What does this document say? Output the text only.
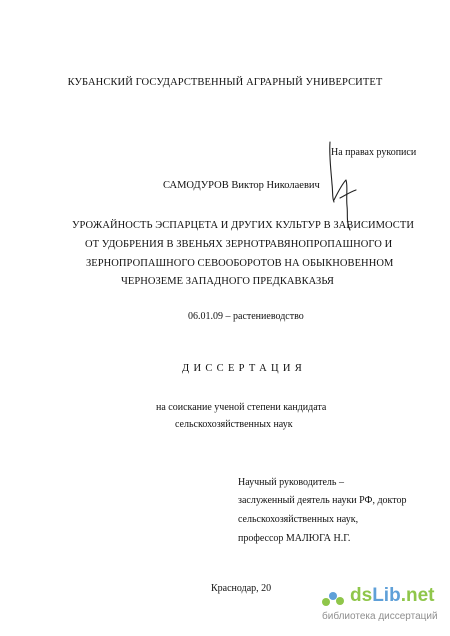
КУБАНСКИЙ ГОСУДАРСТВЕННЫЙ АГРАРНЫЙ УНИВЕРСИТЕТ
На правах рукописи
САМОДУРОВ Виктор Николаевич
УРОЖАЙНОСТЬ ЭСПАРЦЕТА И ДРУГИХ КУЛЬТУР В ЗАВИСИМОСТИ
ОТ УДОБРЕНИЯ В ЗВЕНЬЯХ ЗЕРНОТРАВЯНОПРОПАШНОГО И
ЗЕРНОПРОПАШНОГО СЕВООБОРОТОВ НА ОБЫКНОВЕННОМ
ЧЕРНОЗЕМЕ ЗАПАДНОГО ПРЕДКАВКАЗЬЯ
06.01.09 – растениеводство
ДИССЕРТАЦИЯ
на соискание ученой степени кандидата
сельскохозяйственных наук
Научный руководитель –
заслуженный деятель науки РФ, доктор
сельскохозяйственных наук,
профессор МАЛЮГА Н.Г.
Краснодар, 20	dsLib.net
библиотека диссертаций
